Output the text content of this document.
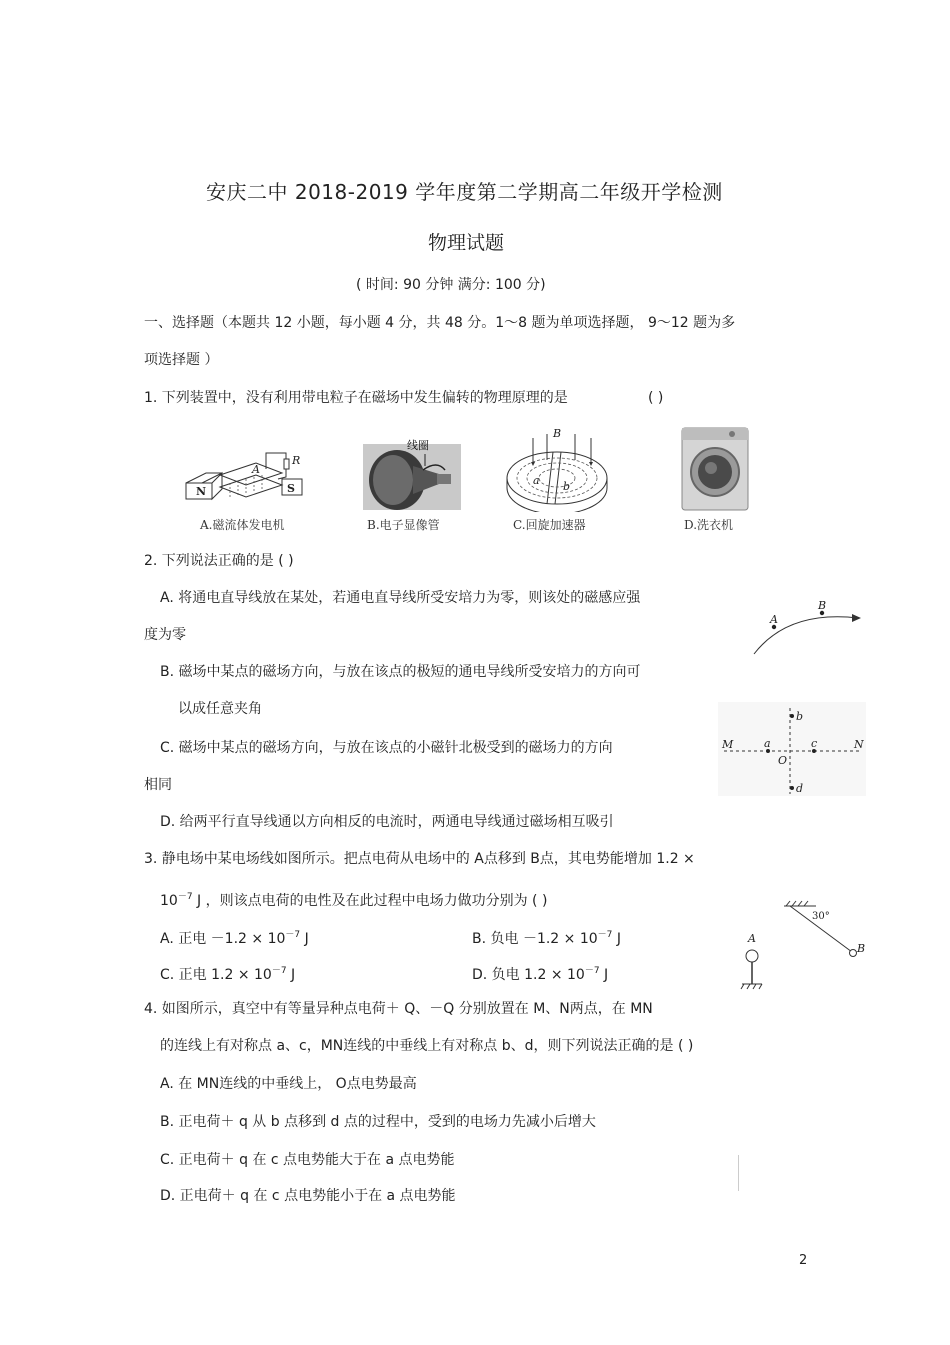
安庆二中 2018-2019 学年度第二学期高二年级开学检测
物理试题
( 时间: 90 分钟 满分: 100 分)
一、选择题（本题共 12 小题，每小题 4 分，共 48 分。1～8 题为单项选择题， 9～12 题为多
项选择题 ）
1. 下列装置中，没有利用带电粒子在磁场中发生偏转的物理原理的是	( )
R
A
N	S
A.磁流体发电机
线圈
B.电子显像管
B
a b
C.回旋加速器	D.洗衣机
2. 下列说法正确的是 ( )
A. 将通电直导线放在某处，若通电直导线所受安培力为零，则该处的磁感应强
度为零
B. 磁场中某点的磁场方向，与放在该点的极短的通电导线所受安培力的方向可
以成任意夹角
C. 磁场中某点的磁场方向，与放在该点的小磁针北极受到的磁场力的方向
相同
D. 给两平行直导线通以方向相反的电流时，两通电导线通过磁场相互吸引
A
B
M	N
a	c
b
d
O
3. 静电场中某电场线如图所示。把点电荷从电场中的 A点移到 B点，其电势能增加 1.2 ×
$10^{-7}$ J ，则该点电荷的电性及在此过程中电场力做功分别为 ( )
A. 正电 $-1.2 \times 10^{-7}$ J	B. 负电 $-1.2 \times 10^{-7}$ J
C. 正电 $1.2 \times 10^{-7}$ J	D. 负电 $1.2 \times 10^{-7}$ J
30°
B
A
4. 如图所示，真空中有等量异种点电荷＋ Q、－Q 分别放置在 M、N两点，在 MN
的连线上有对称点 a、c，MN连线的中垂线上有对称点 b、d，则下列说法正确的是 ( )
A. 在 MN连线的中垂线上， O点电势最高
B. 正电荷＋ q 从 b 点移到 d 点的过程中，受到的电场力先减小后增大
C. 正电荷＋ q 在 c 点电势能大于在 a 点电势能
D. 正电荷＋ q 在 c 点电势能小于在 a 点电势能
2
